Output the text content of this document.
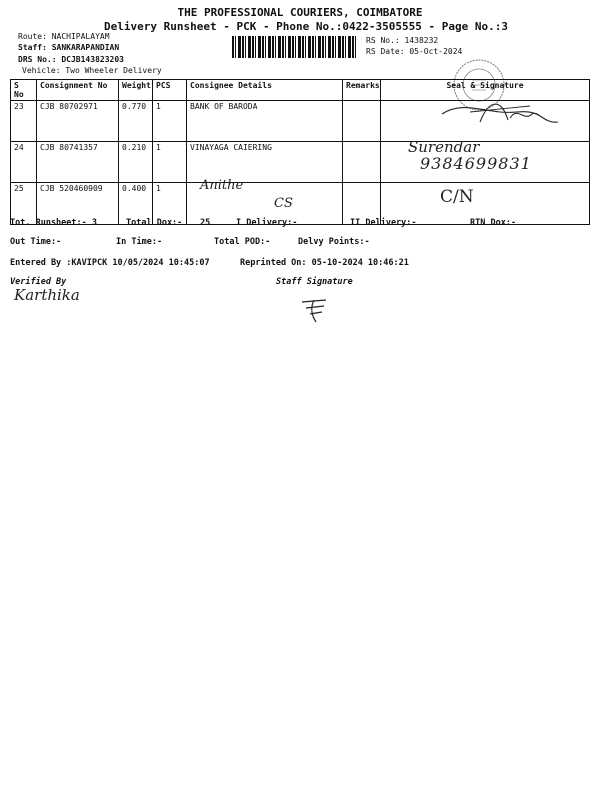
THE PROFESSIONAL COURIERS, COIMBATORE
Delivery Runsheet - PCK - Phone No.:0422-3505555 - Page No.:3
Route: NACHIPALAYAM
Staff: SANKARAPANDIAN
DRS No.: DCJB143823203
Vehicle: Two Wheeler Delivery
RS No.: 1438232
RS Date: 05-Oct-2024
S No	Consignment No	Weight	PCS	Consignee Details	Remarks	Seal & Signature
23	CJB 80702971	0.770	1	BANK OF BARODA		
24	CJB 80741357	0.210	1	VINAYAGA CAIERING		
25	CJB 520460909	0.400	1			
Surendar
9384699831
Anithe
CS	C/N
Tot. Runsheet:- 3	Total Dox:- 25	I Delivery:-	II Delivery:-	RTN Dox:-
Out Time:-	In Time:-	Total POD:-	Delvy Points:-
Entered By :KAVIPCK 10/05/2024 10:45:07	Reprinted On: 05-10-2024 10:46:21
Verified By	Staff Signature
Karthika
